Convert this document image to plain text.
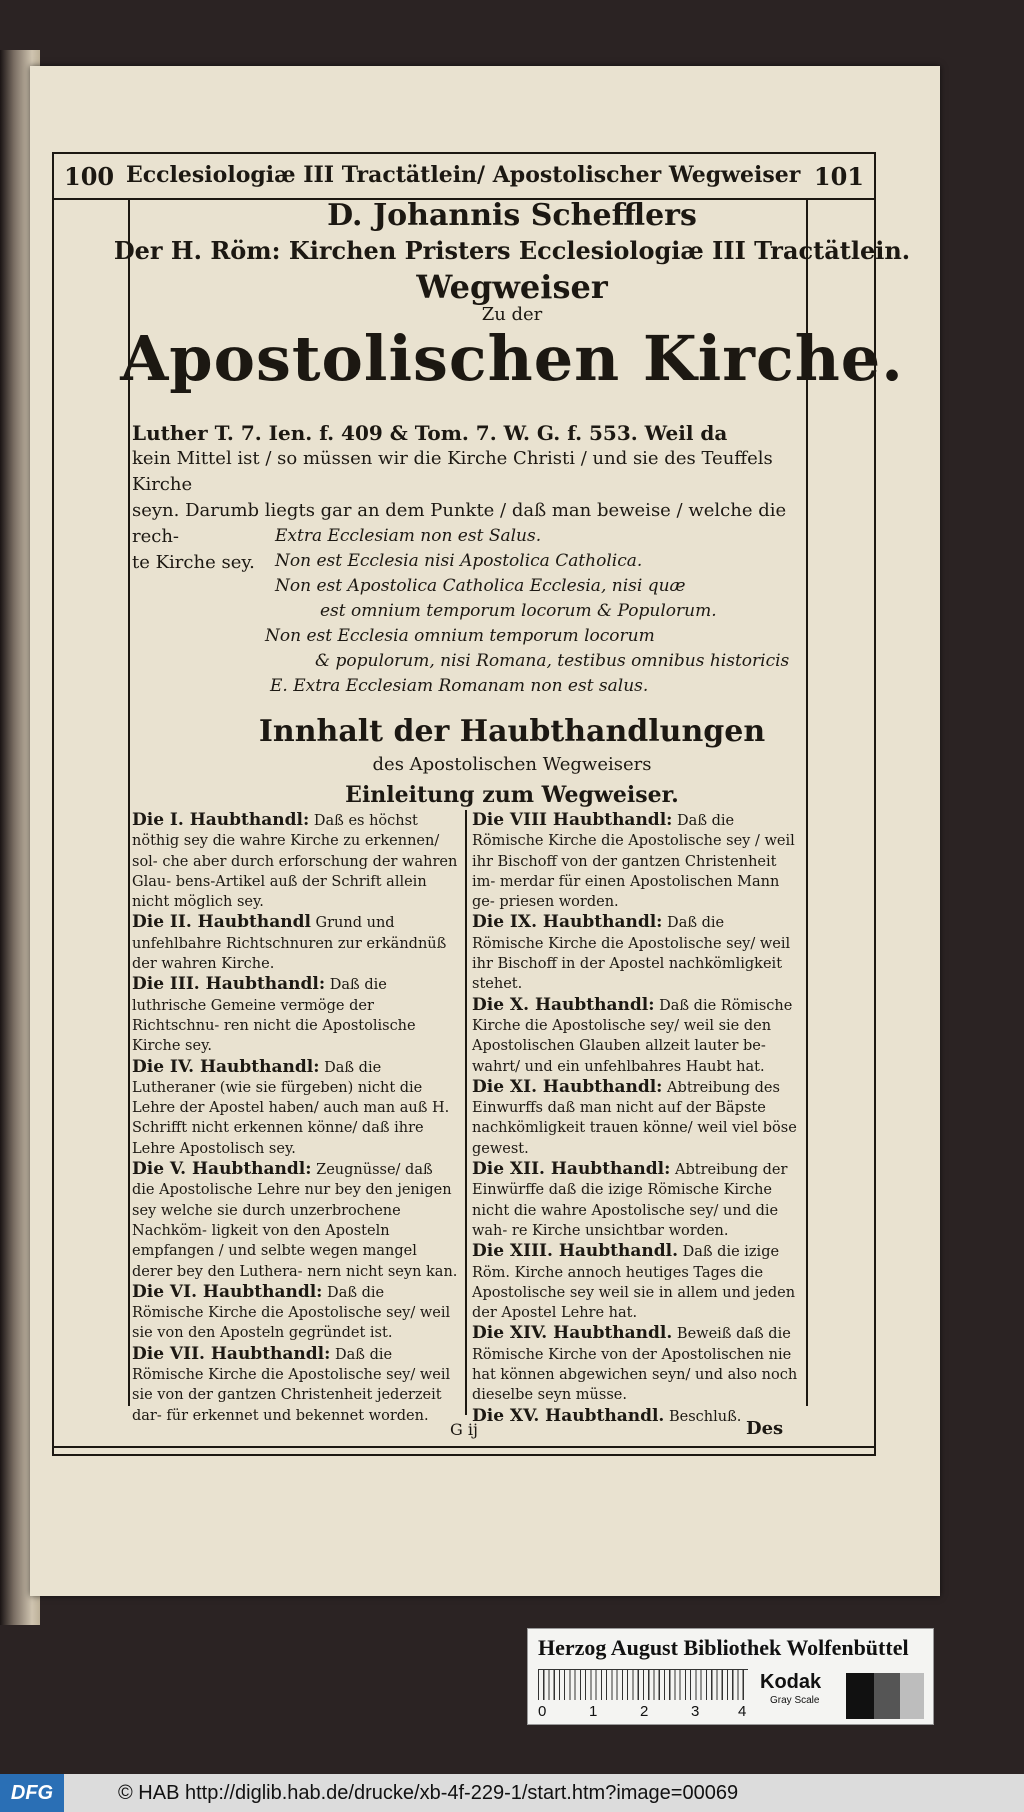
100 Ecclesiologiæ III Tractätlein/ Apostolischer Wegweiser 101
D. Johannis Schefflers
Der H. Röm: Kirchen Pristers Ecclesiologiæ III Tractätlein.
Wegweiser
Zu der
Apostolischen Kirche.
Luther T. 7. Ien. f. 409 & Tom. 7. W. G. f. 553. Weil da
kein Mittel ist / so müssen wir die Kirche Christi / und sie des Teuffels Kirche
seyn. Darumb liegts gar an dem Punkte / daß man beweise / welche die rech-
te Kirche sey.
Extra Ecclesiam non est Salus.
Non est Ecclesia nisi Apostolica Catholica.
Non est Apostolica Catholica Ecclesia, nisi quæ
est omnium temporum locorum & Populorum.
Non est Ecclesia omnium temporum locorum
& populorum, nisi Romana, testibus omnibus historicis
E. Extra Ecclesiam Romanam non est salus.
Innhalt der Haubthandlungen
des Apostolischen Wegweisers
Einleitung zum Wegweiser.

Die I. Haubthandl: Daß es höchst nöthig sey die wahre Kirche zu erkennen/ sol- che aber durch erforschung der wahren Glau- bens-Artikel auß der Schrift allein nicht möglich sey.

Die II. Haubthandl Grund und unfehlbahre Richtschnuren zur erkändnüß der wahren Kirche.

Die III. Haubthandl: Daß die luthrische Gemeine vermöge der Richtschnu- ren nicht die Apostolische Kirche sey.

Die IV. Haubthandl: Daß die Lutheraner (wie sie fürgeben) nicht die Lehre der Apostel haben/ auch man auß H. Schrifft nicht erkennen könne/ daß ihre Lehre Apostolisch sey.

Die V. Haubthandl: Zeugnüsse/ daß die Apostolische Lehre nur bey den jenigen sey welche sie durch unzerbrochene Nachköm- ligkeit von den Aposteln empfangen / und selbte wegen mangel derer bey den Luthera- nern nicht seyn kan.

Die VI. Haubthandl: Daß die Römische Kirche die Apostolische sey/ weil sie von den Aposteln gegründet ist.

Die VII. Haubthandl: Daß die Römische Kirche die Apostolische sey/ weil sie von der gantzen Christenheit jederzeit dar- für erkennet und bekennet worden.

Die VIII Haubthandl: Daß die Römische Kirche die Apostolische sey / weil ihr Bischoff von der gantzen Christenheit im- merdar für einen Apostolischen Mann ge- priesen worden.

Die IX. Haubthandl: Daß die Römische Kirche die Apostolische sey/ weil ihr Bischoff in der Apostel nachkömligkeit stehet.

Die X. Haubthandl: Daß die Römische Kirche die Apostolische sey/ weil sie den Apostolischen Glauben allzeit lauter be- wahrt/ und ein unfehlbahres Haubt hat.

Die XI. Haubthandl: Abtreibung des Einwurffs daß man nicht auf der Bäpste nachkömligkeit trauen könne/ weil viel böse gewest.

Die XII. Haubthandl: Abtreibung der Einwürffe daß die izige Römische Kirche nicht die wahre Apostolische sey/ und die wah- re Kirche unsichtbar worden.

Die XIII. Haubthandl. Daß die izige Röm. Kirche annoch heutiges Tages die Apostolische sey weil sie in allem und jeden der Apostel Lehre hat.

Die XIV. Haubthandl. Beweiß daß die Römische Kirche von der Apostolischen nie hat können abgewichen seyn/ und also noch dieselbe seyn müsse.

Die XV. Haubthandl. Beschluß.

G ij	Des
Herzog August Bibliothek Wolfenbüttel
0	1	2	3	4
Kodak
Gray Scale
DFG	© HAB http://diglib.hab.de/drucke/xb-4f-229-1/start.htm?image=00069
